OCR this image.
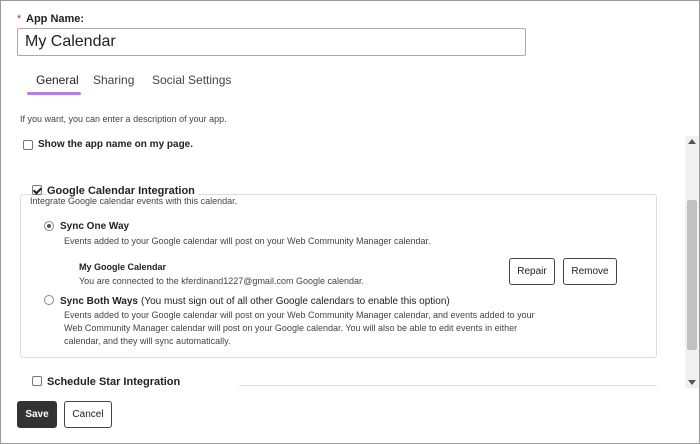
* App Name:
My Calendar
General Sharing Social Settings
If you want, you can enter a description of your app.
Show the app name on my page.
Google Calendar Integration
Integrate Google calendar events with this calendar.
Sync One Way
Events added to your Google calendar will post on your Web Community Manager calendar.
My Google Calendar
You are connected to the kferdinand1227@gmail.com Google calendar.
Repair	Remove
Sync Both Ways (You must sign out of all other Google calendars to enable this option)
Events added to your Google calendar will post on your Web Community Manager calendar, and events added to your
Web Community Manager calendar will post on your Google calendar. You will also be able to edit events in either
calendar, and they will sync automatically.
Schedule Star Integration
Save	Cancel
